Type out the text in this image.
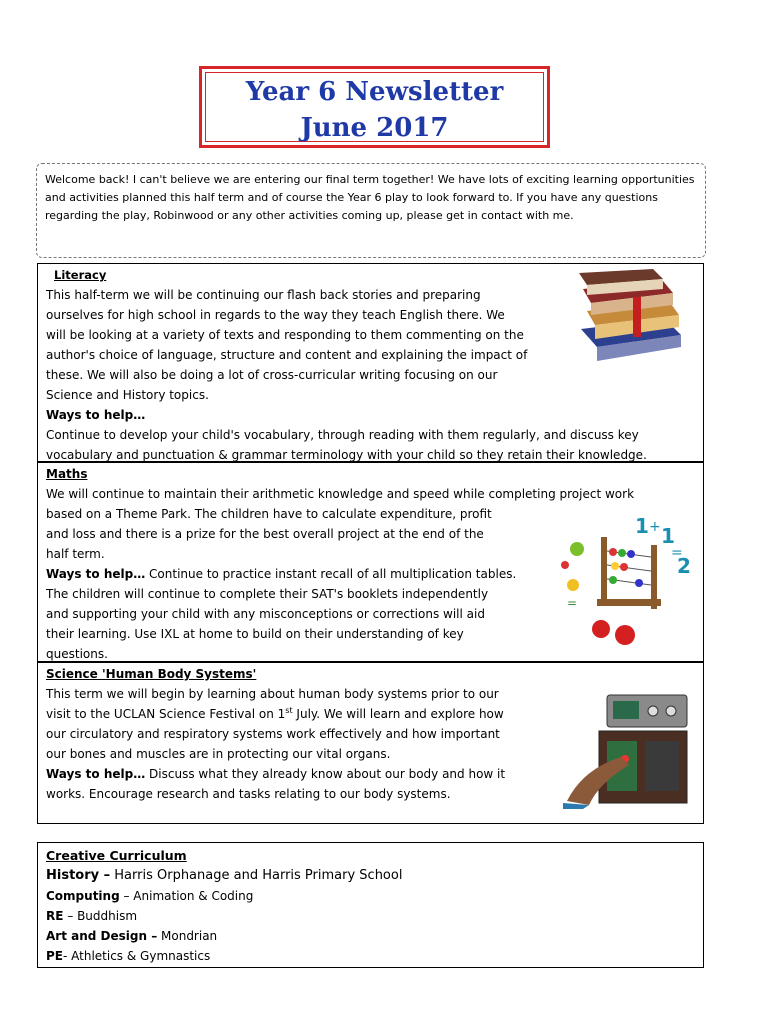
Year 6 Newsletter
June 2017
Welcome back! I can't believe we are entering our final term together! We have lots of exciting learning opportunities and activities planned this half term and of course the Year 6 play to look forward to. If you have any questions regarding the play, Robinwood or any other activities coming up, please get in contact with me.
Literacy
This half-term we will be continuing our flash back stories and preparing
ourselves for high school in regards to the way they teach English there. We
will be looking at a variety of texts and responding to them commenting on the
author's choice of language, structure and content and explaining the impact of
these. We will also be doing a lot of cross-curricular writing focusing on our
Science and History topics.
Ways to help…
Continue to develop your child's vocabulary, through reading with them regularly, and discuss key
vocabulary and punctuation & grammar terminology with your child so they retain their knowledge.
Maths
We will continue to maintain their arithmetic knowledge and speed while completing project work
based on a Theme Park. The children have to calculate expenditure, profit
and loss and there is a prize for the best overall project at the end of the
half term.
Ways to help… Continue to practice instant recall of all multiplication tables.
The children will continue to complete their SAT's booklets independently
and supporting your child with any misconceptions or corrections will aid
their learning. Use IXL at home to build on their understanding of key
questions.
1 + 1
=
2
=
Science 'Human Body Systems'
This term we will begin by learning about human body systems prior to our
visit to the UCLAN Science Festival on 1st July. We will learn and explore how
our circulatory and respiratory systems work effectively and how important
our bones and muscles are in protecting our vital organs.
Ways to help… Discuss what they already know about our body and how it
works. Encourage research and tasks relating to our body systems.
Creative Curriculum
History – Harris Orphanage and Harris Primary School
Computing – Animation & Coding
RE – Buddhism
Art and Design – Mondrian
PE- Athletics & Gymnastics
